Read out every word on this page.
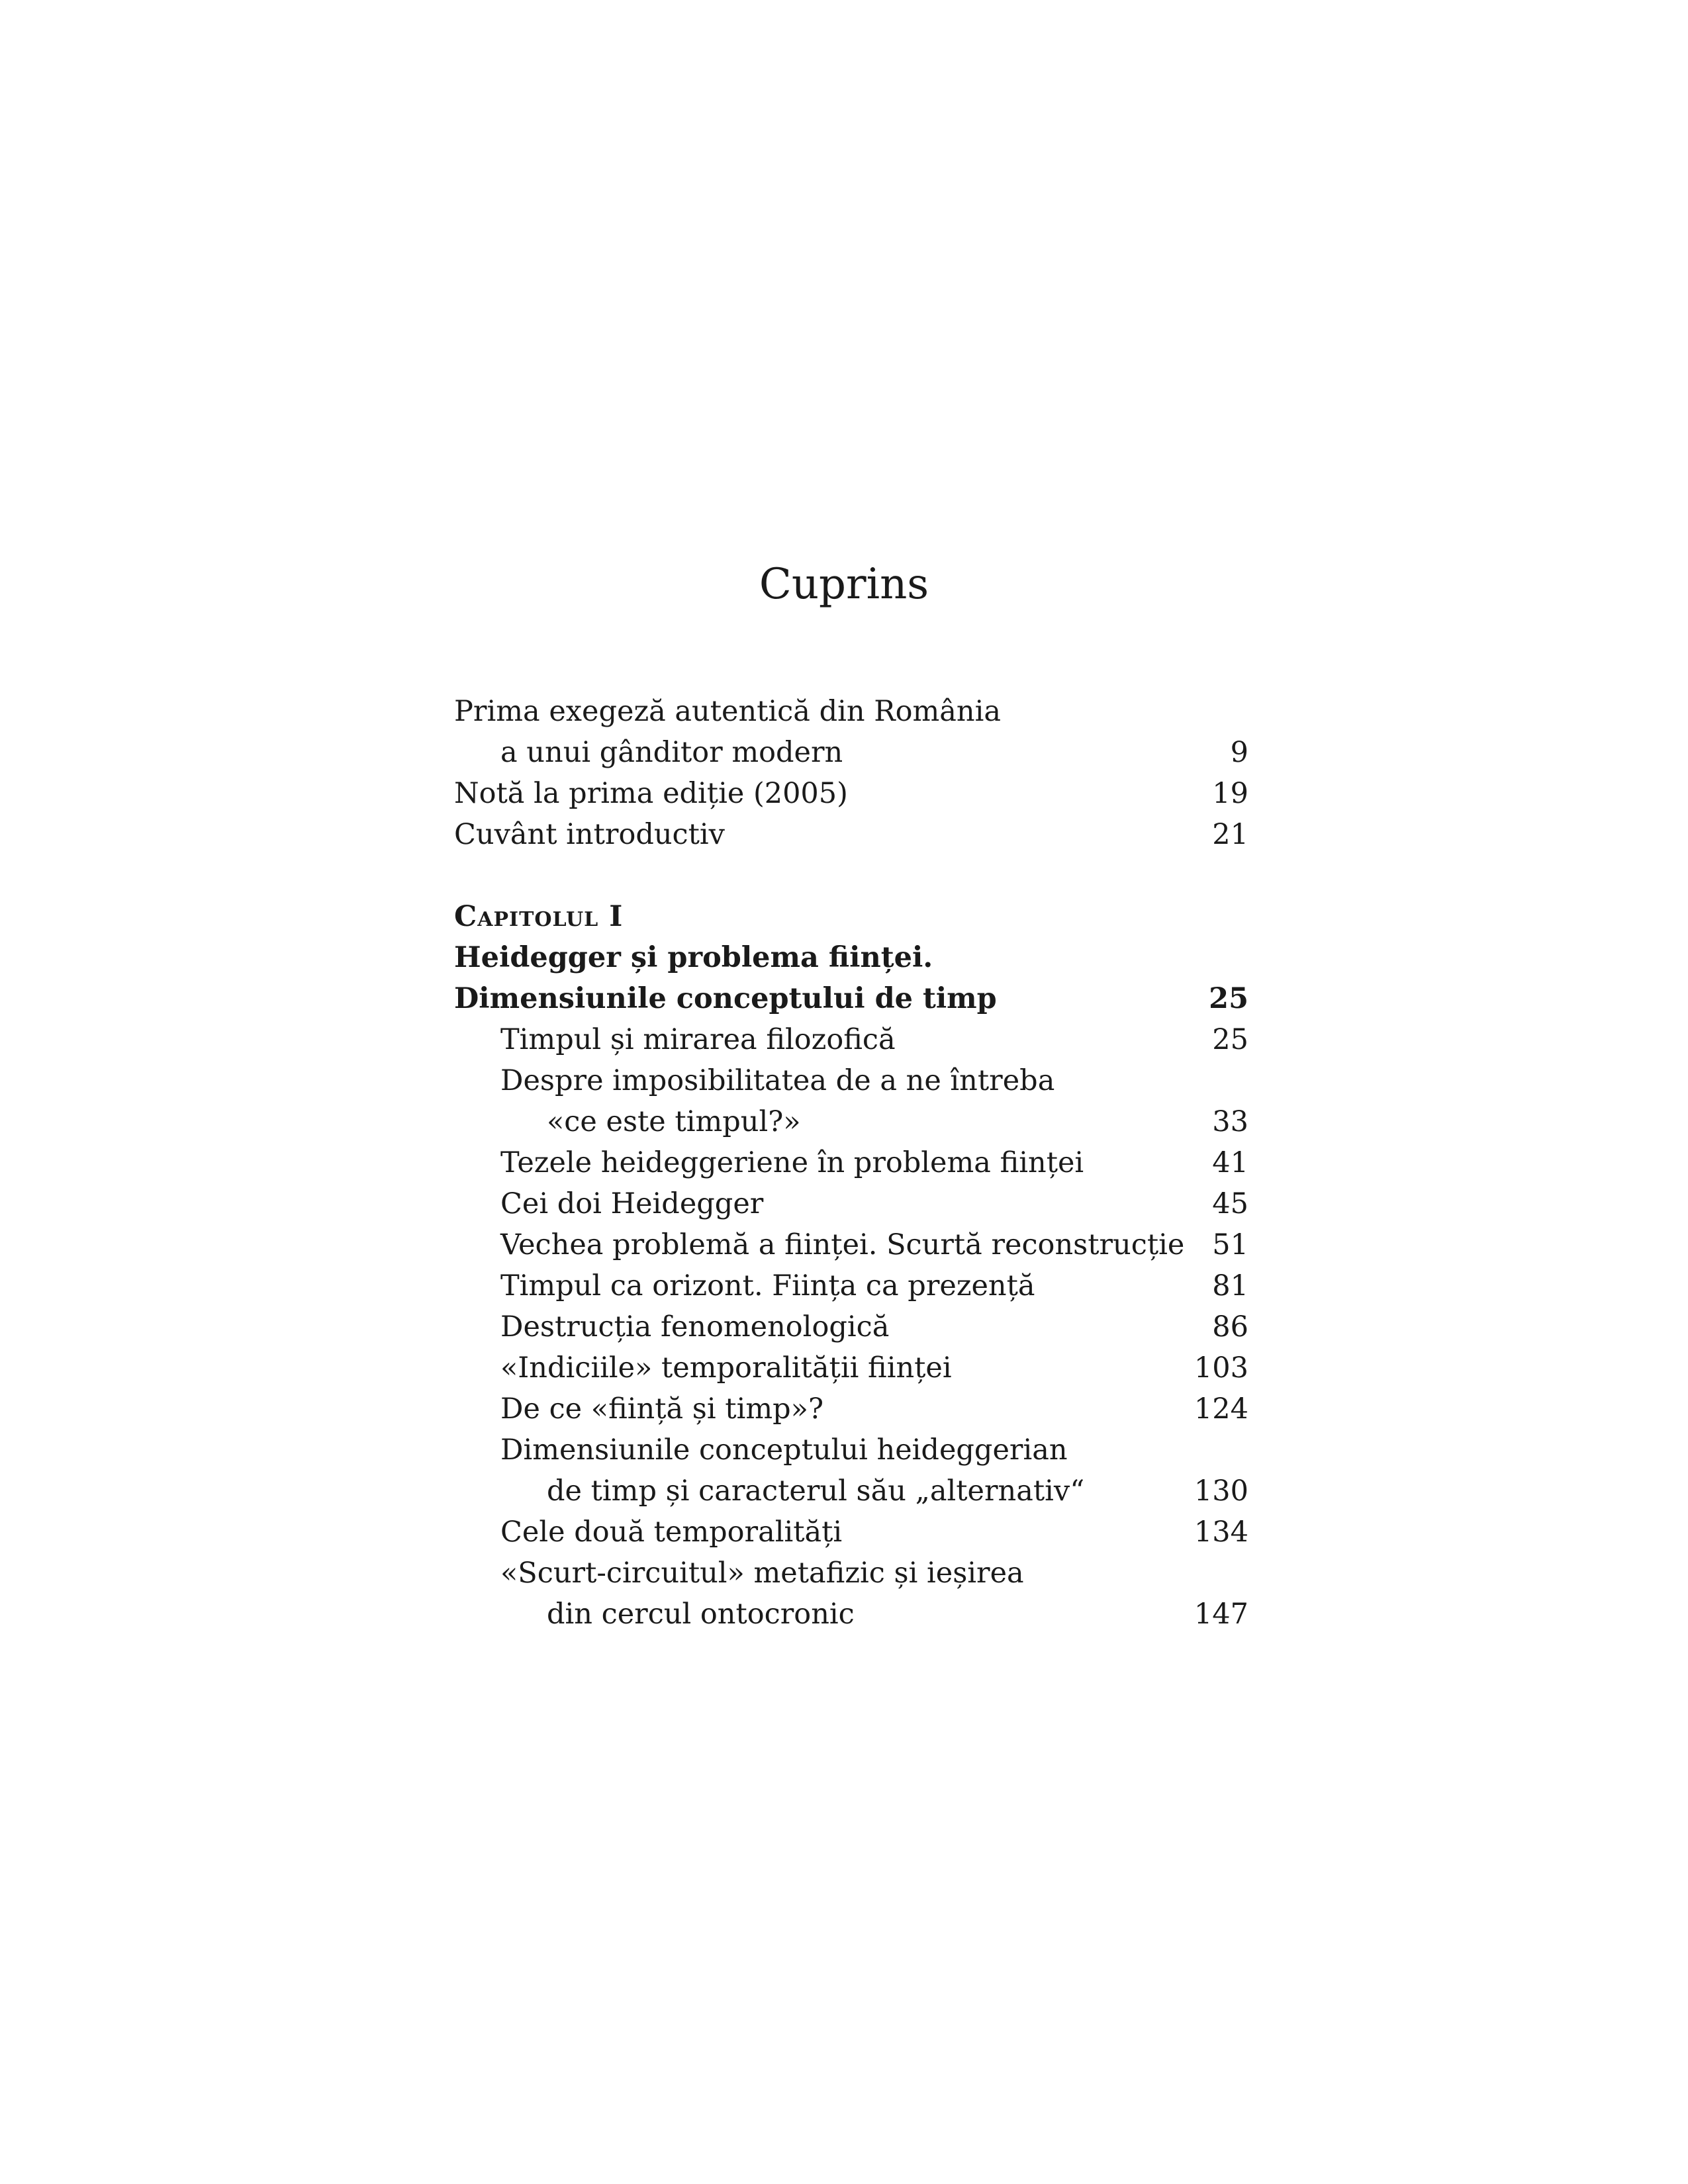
Cuprins
Prima exegeză autentică din România
a unui gânditor modern	9
Notă la prima ediție (2005)	19
Cuvânt introductiv	21
Capitolul I
Heidegger și problema ființei.
Dimensiunile conceptului de timp	25
Timpul și mirarea filozofică	25
Despre imposibilitatea de a ne întreba
«ce este timpul?»	33
Tezele heideggeriene în problema ființei	41
Cei doi Heidegger	45
Vechea problemă a ființei. Scurtă reconstrucție 51
Timpul ca orizont. Ființa ca prezență	81
Destrucția fenomenologică	86
«Indiciile» temporalității ființei	103
De ce «ființă și timp»?	124
Dimensiunile conceptului heideggerian
de timp și caracterul său „alternativ“	130
Cele două temporalități	134
«Scurt-circuitul» metafizic și ieșirea
din cercul ontocronic	147
